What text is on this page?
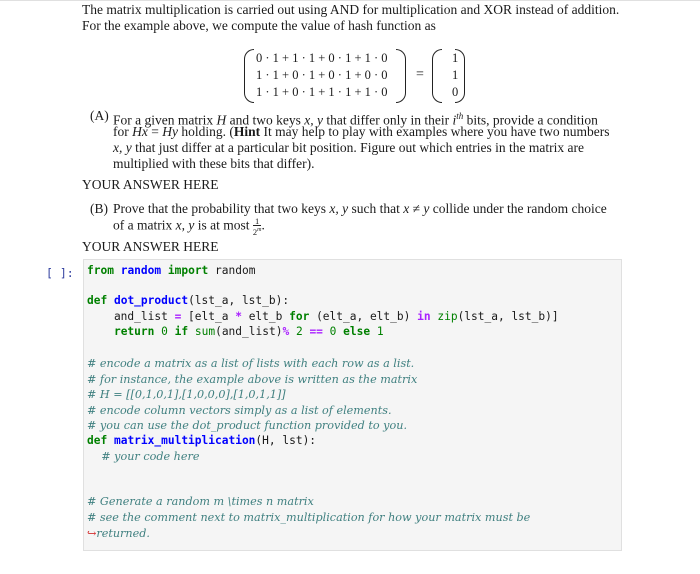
The matrix multiplication is carried out using AND for multiplication and XOR instead of addition.
For the example above, we compute the value of hash function as
0 · 1 + 1 · 1 + 0 · 1 + 1 · 0
1 · 1 + 0 · 1 + 0 · 1 + 0 · 0
1 · 1 + 0 · 1 + 1 · 1 + 1 · 0
=
1
1
0
(A) For a given matrix H and two keys x, y that differ only in their $i^{th}$ bits, provide a condition
for Hx = Hy holding. (Hint It may help to play with examples where you have two numbers
x, y that just differ at a particular bit position. Figure out which entries in the matrix are
multiplied with these bits that differ).
YOUR ANSWER HERE
(B) Prove that the probability that two keys x, y such that x ≠ y collide under the random choice
of a matrix x, y is at most $\frac{1}{2^m}$ .
YOUR ANSWER HERE
[ ]: from random import random
def dot_product(lst_a, lst_b):
and_list = [elt_a * elt_b for (elt_a, elt_b) in zip(lst_a, lst_b)]
return 0 if sum(and_list)% 2 == 0 else 1
# encode a matrix as a list of lists with each row as a list.
# for instance, the example above is written as the matrix
# H = [[0,1,0,1],[1,0,0,0],[1,0,1,1]]
# encode column vectors simply as a list of elements.
# you can use the dot_product function provided to you.
def matrix_multiplication(H, lst):
# your code here
# Generate a random m \times n matrix
# see the comment next to matrix_multiplication for how your matrix must be
↪returned.
